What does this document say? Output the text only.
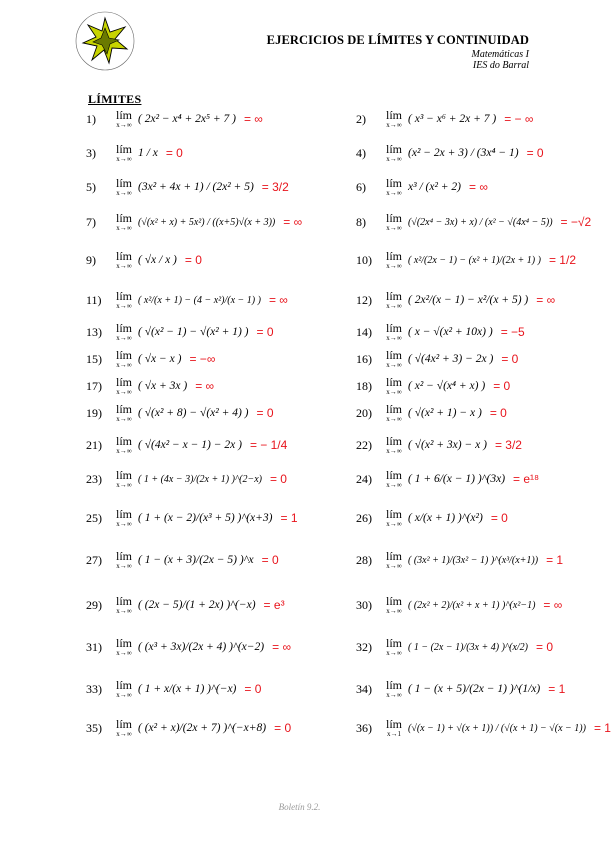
EJERCICIOS DE LÍMITES Y CONTINUIDAD
Matemáticas I
IES do Barral
LÍMITES
1) lím
x→∞ ( 2x² − x⁴ + 2x⁵ + 7 ) = ∞	2) lím
x→∞ ( x³ − x⁶ + 2x + 7 ) = − ∞
3) lím
x→∞ 1 / x = 0	4) lím
x→∞ (x² − 2x + 3) / (3x⁴ − 1) = 0
5) lím
x→∞ (3x² + 4x + 1) / (2x² + 5) = 3/2	6) lím
x→∞ x³ / (x² + 2) = ∞
7) lím
x→∞
(√(x² + x) + 5x²) / ((x+5)√(x + 3)) = ∞	8) lím
x→∞
(√(2x⁴ − 3x) + x) / (x² − √(4x⁴ − 5)) = −√2
9) lím
x→∞ ( √x / x ) = 0	10) lím
x→∞
( x²/(2x − 1) − (x² + 1)/(2x + 1) ) = 1/2
11) lím
x→∞
( x²/(x + 1) − (4 − x²)/(x − 1) ) = ∞	12) lím
x→∞ ( 2x²/(x − 1) − x²/(x + 5) ) = ∞
13) lím
x→∞ ( √(x² − 1) − √(x² + 1) ) = 0	14) lím
x→∞ ( x − √(x² + 10x) ) = −5
15) lím
x→∞ ( √x − x ) = −∞	16) lím
x→∞ ( √(4x² + 3) − 2x ) = 0
17) lím
x→∞ ( √x + 3x ) = ∞	18) lím
x→∞ ( x² − √(x⁴ + x) ) = 0
19) lím
x→∞ ( √(x² + 8) − √(x² + 4) ) = 0	20) lím
x→∞ ( √(x² + 1) − x ) = 0
21) lím
x→∞ ( √(4x² − x − 1) − 2x ) = − 1/4	22) lím
x→∞ ( √(x² + 3x) − x ) = 3/2
23) lím
x→∞
( 1 + (4x − 3)/(2x + 1) )^(2−x) = 0	24) lím
x→∞ ( 1 + 6/(x − 1) )^(3x) = e¹⁸
25) lím
x→∞ ( 1 + (x − 2)/(x³ + 5) )^(x+3) = 1	26) lím
x→∞ ( x/(x + 1) )^(x²) = 0
27) lím
x→∞ ( 1 − (x + 3)/(2x − 5) )^x = 0	28) lím
x→∞
( (3x² + 1)/(3x² − 1) )^(x³/(x+1)) = 1
29) lím
x→∞ ( (2x − 5)/(1 + 2x) )^(−x) = e³	30) lím
x→∞
( (2x² + 2)/(x² + x + 1) )^(x²−1) = ∞
31) lím
x→∞ ( (x³ + 3x)/(2x + 4) )^(x−2) = ∞	32) lím
x→∞
( 1 − (2x − 1)/(3x + 4) )^(x/2) = 0
33) lím
x→∞ ( 1 + x/(x + 1) )^(−x) = 0	34) lím
x→∞ ( 1 − (x + 5)/(2x − 1) )^(1/x) = 1
35) lím
x→∞ ( (x² + x)/(2x + 7) )^(−x+8) = 0	36) lím
x→1
(√(x − 1) + √(x + 1)) / (√(x + 1) − √(x − 1)) = 1
Boletín 9.2.
